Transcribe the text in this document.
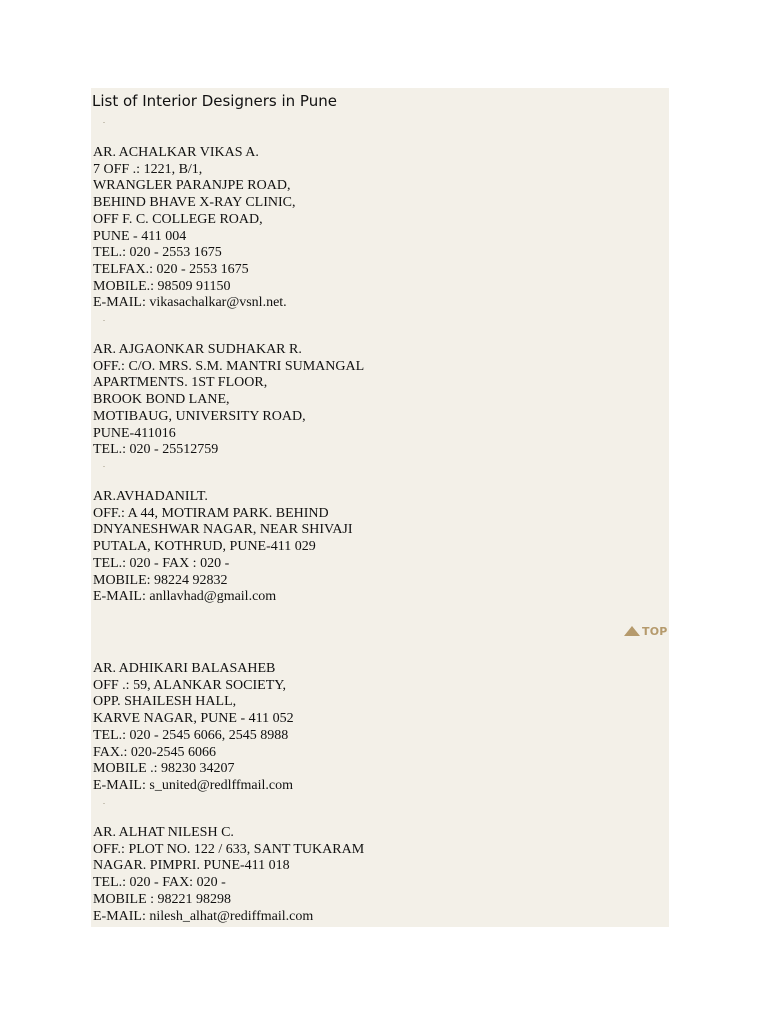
List of Interior Designers in Pune
AR. ACHALKAR VIKAS A.
7 OFF .: 1221, B/1,
WRANGLER PARANJPE ROAD,
BEHIND BHAVE X-RAY CLINIC,
OFF F. C. COLLEGE ROAD,
PUNE - 411 004
TEL.: 020 - 2553 1675
TELFAX.: 020 - 2553 1675
MOBILE.: 98509 91150
E-MAIL: vikasachalkar@vsnl.net.
AR. AJGAONKAR SUDHAKAR R.
OFF.: C/O. MRS. S.M. MANTRI SUMANGAL
APARTMENTS. 1ST FLOOR,
BROOK BOND LANE,
MOTIBAUG, UNIVERSITY ROAD,
PUNE-411016
TEL.: 020 - 25512759
AR.AVHADANILT.
OFF.: A 44, MOTIRAM PARK. BEHIND
DNYANESHWAR NAGAR, NEAR SHIVAJI
PUTALA, KOTHRUD, PUNE-411 029
TEL.: 020 - FAX : 020 -
MOBILE: 98224 92832
E-MAIL: anllavhad@gmail.com
TOP
AR. ADHIKARI BALASAHEB
OFF .: 59, ALANKAR SOCIETY,
OPP. SHAILESH HALL,
KARVE NAGAR, PUNE - 411 052
TEL.: 020 - 2545 6066, 2545 8988
FAX.: 020-2545 6066
MOBILE .: 98230 34207
E-MAIL: s_united@redlffmail.com
AR. ALHAT NILESH C.
OFF.: PLOT NO. 122 / 633, SANT TUKARAM
NAGAR. PIMPRI. PUNE-411 018
TEL.: 020 - FAX: 020 -
MOBILE : 98221 98298
E-MAIL: nilesh_alhat@rediffmail.com
